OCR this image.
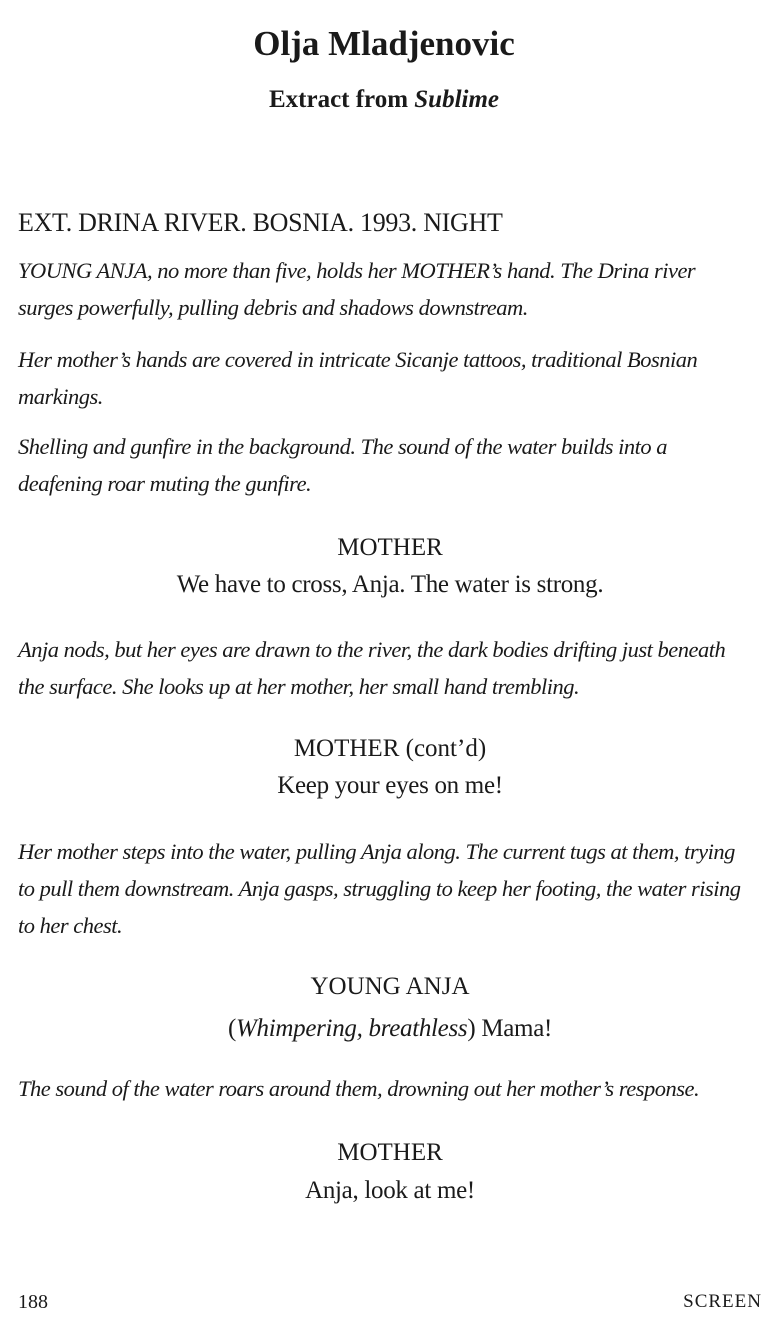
Olja Mladjenovic
Extract from Sublime
EXT. DRINA RIVER. BOSNIA. 1993. NIGHT
YOUNG ANJA, no more than five, holds her MOTHER’s hand. The Drina river surges powerfully, pulling debris and shadows downstream.
Her mother’s hands are covered in intricate Sicanje tattoos, traditional Bosnian markings.
Shelling and gunfire in the background. The sound of the water builds into a deafening roar muting the gunfire.
MOTHER
We have to cross, Anja. The water is strong.
Anja nods, but her eyes are drawn to the river, the dark bodies drifting just beneath the surface. She looks up at her mother, her small hand trembling.
MOTHER (cont’d)
Keep your eyes on me!
Her mother steps into the water, pulling Anja along. The current tugs at them, trying to pull them downstream. Anja gasps, struggling to keep her footing, the water rising to her chest.
YOUNG ANJA
(Whimpering, breathless) Mama!
The sound of the water roars around them, drowning out her mother’s response.
MOTHER
Anja, look at me!
188	SCREEN
